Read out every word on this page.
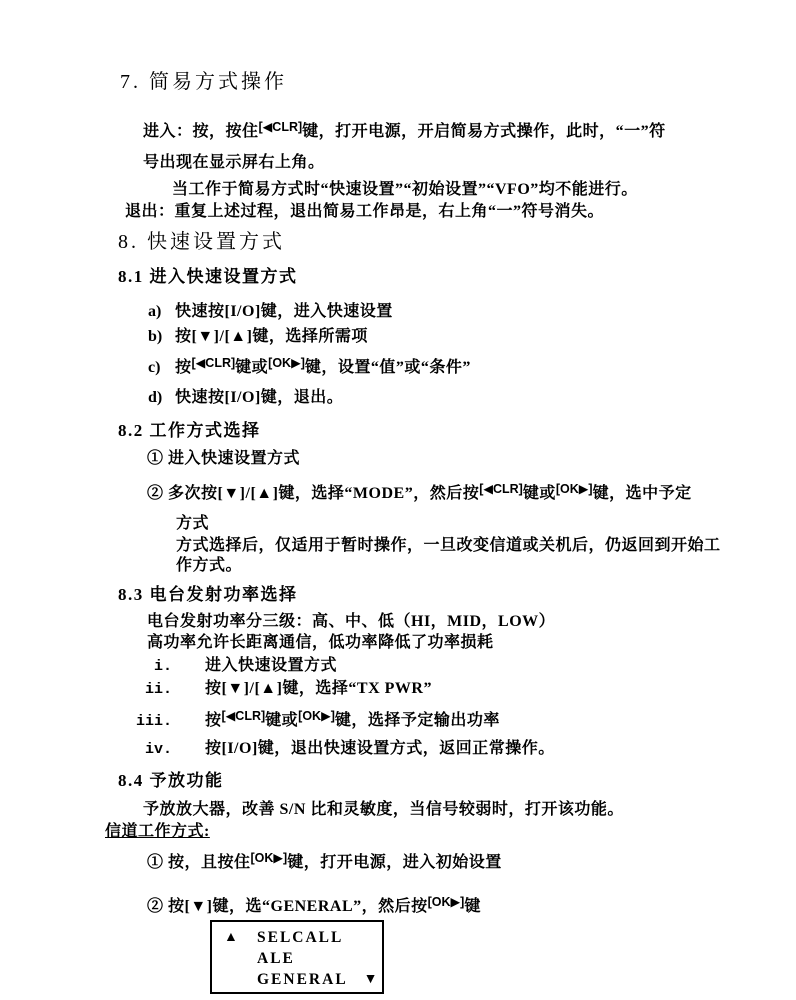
7. 简易方式操作
进入：按，按住[◀CLR]键，打开电源，开启简易方式操作，此时，“一”符
号出现在显示屏右上角。
当工作于简易方式时“快速设置”“初始设置”“VFO”均不能进行。
退出：重复上述过程，退出简易工作昂是，右上角“一”符号消失。
8. 快速设置方式
8.1 进入快速设置方式
a) 快速按[I/O]键，进入快速设置
b) 按[▼]/[▲]键，选择所需项
c) 按[◀CLR]键或[OK▶]键，设置“值”或“条件”
d) 快速按[I/O]键，退出。
8.2 工作方式选择
① 进入快速设置方式
② 多次按[▼]/[▲]键，选择“MODE”，然后按[◀CLR]键或[OK▶]键，选中予定
方式
方式选择后，仅适用于暂时操作，一旦改变信道或关机后，仍返回到开始工
作方式。
8.3 电台发射功率选择
电台发射功率分三级：高、中、低（HI，MID，LOW）
高功率允许长距离通信，低功率降低了功率损耗
i. 进入快速设置方式
ii. 按[▼]/[▲]键，选择“TX PWR”
iii. 按[◀CLR]键或[OK▶]键，选择予定输出功率
iv. 按[I/O]键，退出快速设置方式，返回正常操作。
8.4 予放功能
予放放大器，改善 S/N 比和灵敏度，当信号较弱时，打开该功能。
信道工作方式:
① 按，且按住[OK▶]键，打开电源，进入初始设置
② 按[▼]键，选“GENERAL”，然后按[OK▶]键
▲	SELCALL
ALE
GENERAL ▼
